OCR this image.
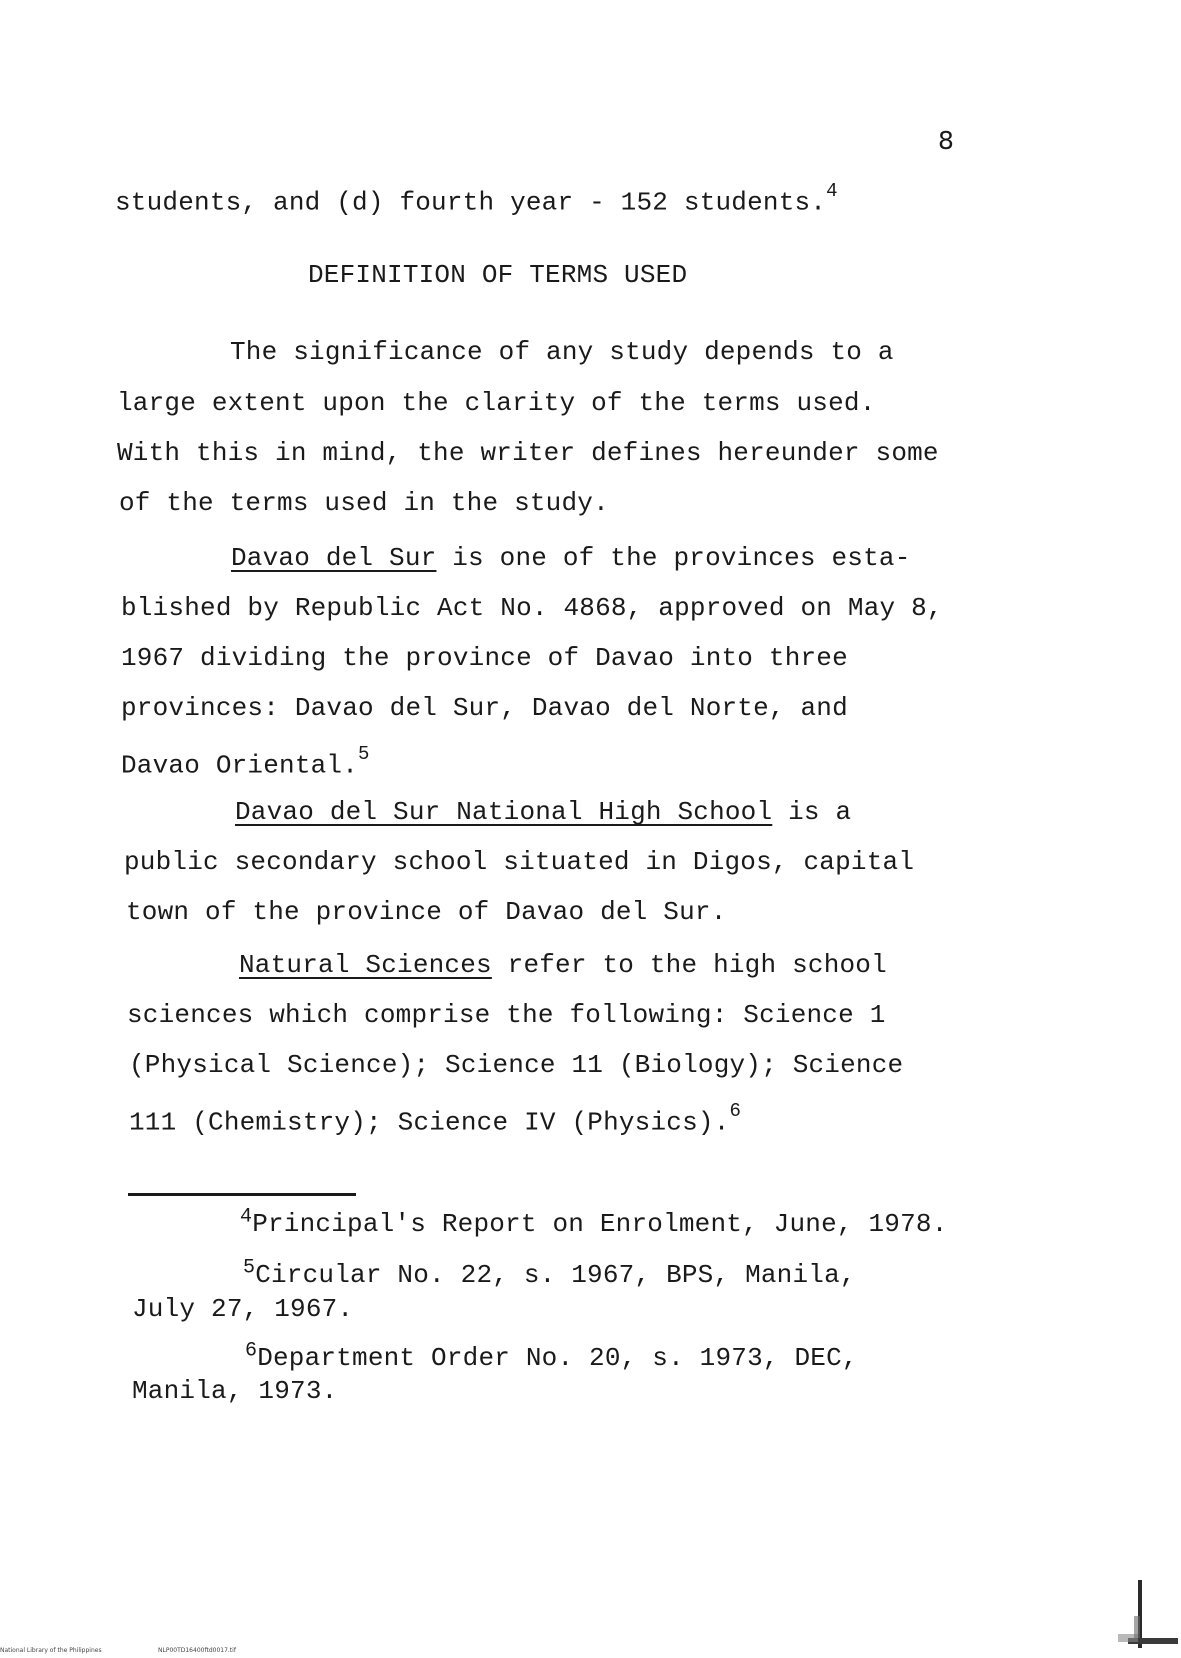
8
students, and (d) fourth year - 152 students.$^4$
DEFINITION OF TERMS USED
The significance of any study depends to a
large extent upon the clarity of the terms used.
With this in mind, the writer defines hereunder some
of the terms used in the study.
Davao del Sur is one of the provinces esta-
blished by Republic Act No. 4868, approved on May 8,
1967 dividing the province of Davao into three
provinces: Davao del Sur, Davao del Norte, and
Davao Oriental.$^5$
Davao del Sur National High School is a
public secondary school situated in Digos, capital
town of the province of Davao del Sur.
Natural Sciences refer to the high school
sciences which comprise the following: Science 1
(Physical Science); Science 11 (Biology); Science
111 (Chemistry); Science IV (Physics).$^6$
$^4$Principal's Report on Enrolment, June, 1978.
$^5$Circular No. 22, s. 1967, BPS, Manila,
July 27, 1967.
$^6$Department Order No. 20, s. 1973, DEC,
Manila, 1973.
National Library of the Philippines	NLP00TD16400ftd0017.tif
